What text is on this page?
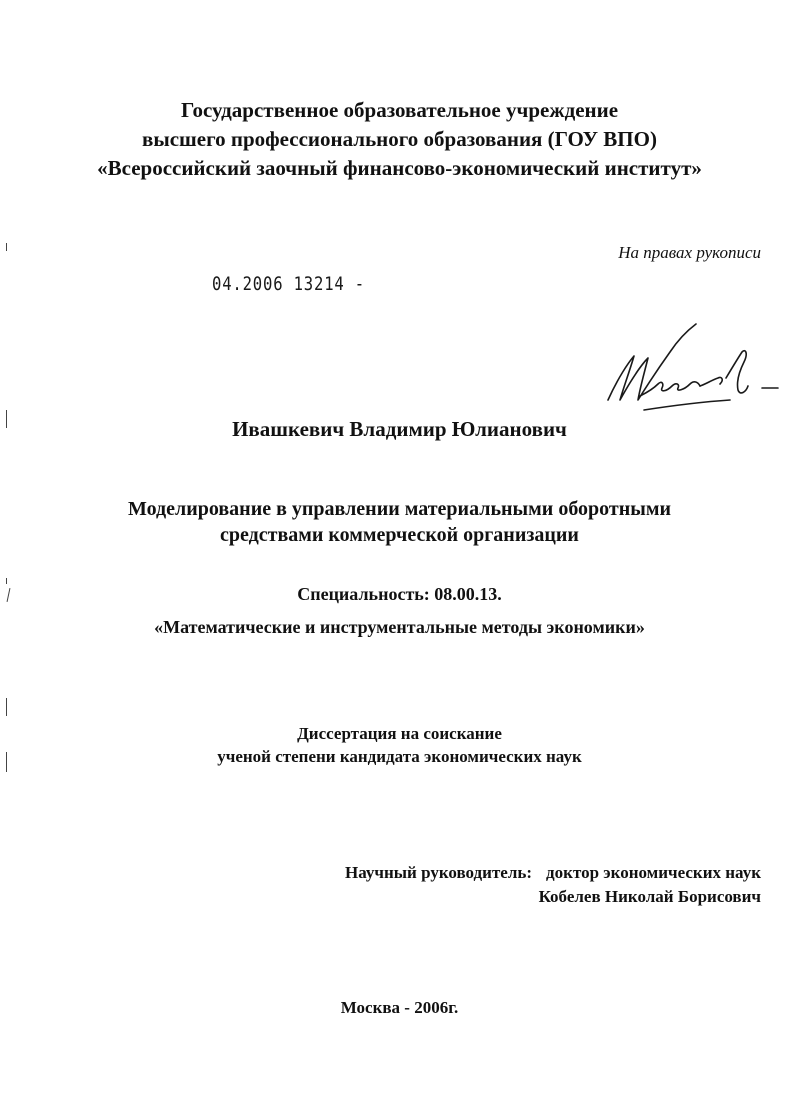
Государственное образовательное учреждение
высшего профессионального образования (ГОУ ВПО)
«Всероссийский заочный финансово-экономический институт»
На правах рукописи
04.2006 13214 -
Ивашкевич Владимир Юлианович
Моделирование в управлении материальными оборотными
средствами коммерческой организации
Специальность: 08.00.13.
«Математические и инструментальные методы экономики»
Диссертация на соискание
ученой степени кандидата экономических наук
Научный руководитель: доктор экономических наук
Кобелев Николай Борисович
Москва - 2006г.
